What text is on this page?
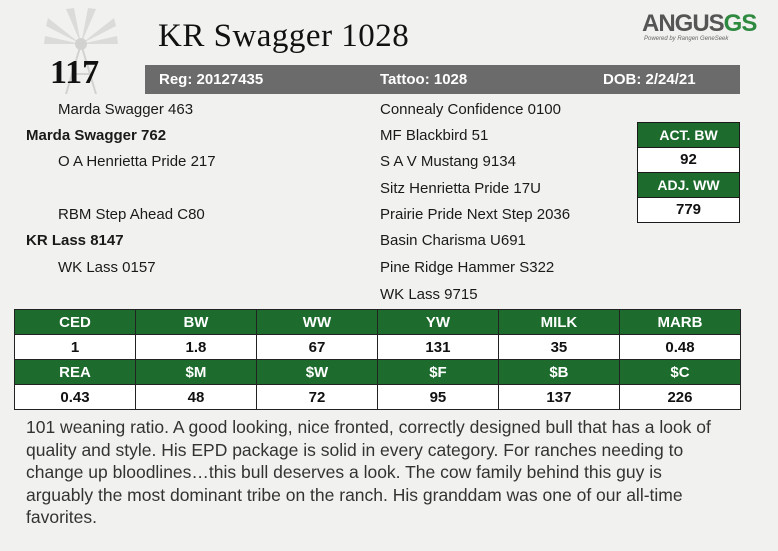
117
KR Swagger 1028	ANGUSGS
Powered by Rangen GeneSeek
Reg: 20127435	Tattoo: 1028	DOB: 2/24/21
Marda Swagger 463
Marda Swagger 762
O A Henrietta Pride 217
RBM Step Ahead C80
KR Lass 8147
WK Lass 0157
Connealy Confidence 0100
MF Blackbird 51
S A V Mustang 9134
Sitz Henrietta Pride 17U
Prairie Pride Next Step 2036
Basin Charisma U691
Pine Ridge Hammer S322
WK Lass 9715
ACT. BW
92
ADJ. WW
779
CED	BW	WW	YW	MILK	MARB
1	1.8	67	131	35	0.48
REA	$M	$W	$F	$B	$C
0.43	48	72	95	137	226
101 weaning ratio. A good looking, nice fronted, correctly designed bull that has a look of quality and style. His EPD package is solid in every category. For ranches needing to change up bloodlines…this bull deserves a look. The cow family behind this guy is arguably the most dominant tribe on the ranch. His granddam was one of our all-time favorites.
